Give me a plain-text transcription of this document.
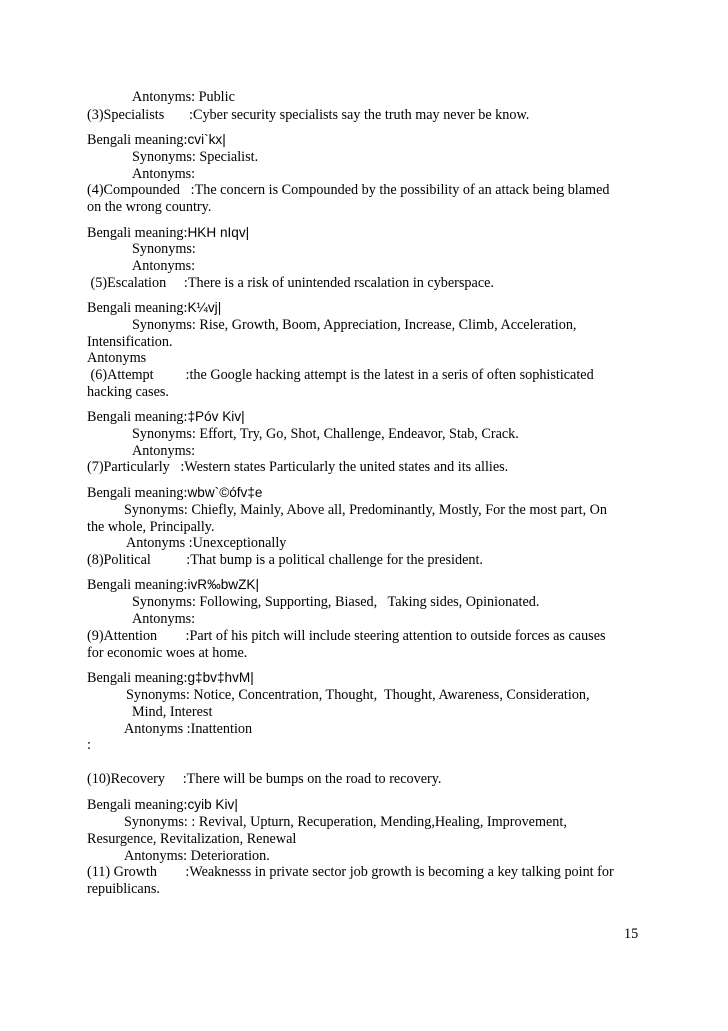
Antonyms: Public
(3)Specialists       :Cyber security specialists say the truth may never be know.
Bengali meaning:cvi`kx|
Synonyms: Specialist.
Antonyms:
(4)Compounded   :The concern is Compounded by the possibility of an attack being blamed
on the wrong country.
Bengali meaning:HKH nIqv|
Synonyms:
Antonyms:
(5)Escalation     :There is a risk of unintended rscalation in cyberspace.
Bengali meaning:K¼vj|
Synonyms: Rise, Growth, Boom, Appreciation, Increase, Climb, Acceleration,
Intensification.
Antonyms
(6)Attempt         :the Google hacking attempt is the latest in a seris of often sophisticated
hacking cases.
Bengali meaning:‡Póv Kiv|
Synonyms: Effort, Try, Go, Shot, Challenge, Endeavor, Stab, Crack.
Antonyms:
(7)Particularly   :Western states Particularly the united states and its allies.
Bengali meaning:wbw`©ófv‡e
Synonyms: Chiefly, Mainly, Above all, Predominantly, Mostly, For the most part, On
the whole, Principally.
Antonyms :Unexceptionally
(8)Political          :That bump is a political challenge for the president.
Bengali meaning:ivR‰bwZK|
Synonyms: Following, Supporting, Biased,   Taking sides, Opinionated.
Antonyms:
(9)Attention        :Part of his pitch will include steering attention to outside forces as causes
for economic woes at home.
Bengali meaning:g‡bv‡hvM|
Synonyms: Notice, Concentration, Thought,  Thought, Awareness, Consideration,
Mind, Interest
Antonyms :Inattention
:
(10)Recovery     :There will be bumps on the road to recovery.
Bengali meaning:cyib Kiv|
Synonyms: : Revival, Upturn, Recuperation, Mending,Healing, Improvement,
Resurgence, Revitalization, Renewal
Antonyms: Deterioration.
(11) Growth        :Weaknesss in private sector job growth is becoming a key talking point for
repuiblicans.
15
